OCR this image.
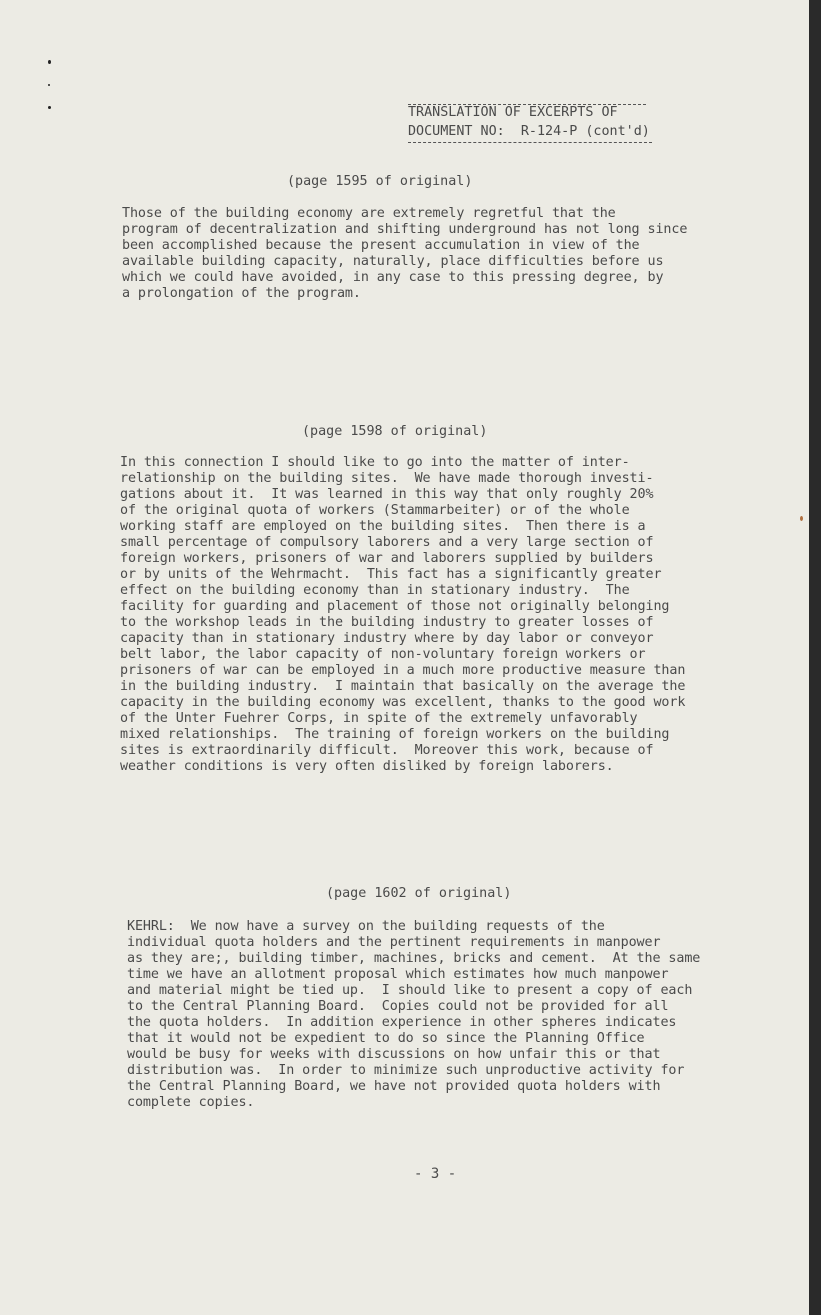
TRANSLATION OF EXCERPTS OF
DOCUMENT NO:  R-124-P (cont'd)
(page 1595 of original)
Those of the building economy are extremely regretful that the
program of decentralization and shifting underground has not long since
been accomplished because the present accumulation in view of the
available building capacity, naturally, place difficulties before us
which we could have avoided, in any case to this pressing degree, by
a prolongation of the program.
(page 1598 of original)
In this connection I should like to go into the matter of inter-
relationship on the building sites.  We have made thorough investi-
gations about it.  It was learned in this way that only roughly 20%
of the original quota of workers (Stammarbeiter) or of the whole
working staff are employed on the building sites.  Then there is a
small percentage of compulsory laborers and a very large section of
foreign workers, prisoners of war and laborers supplied by builders
or by units of the Wehrmacht.  This fact has a significantly greater
effect on the building economy than in stationary industry.  The
facility for guarding and placement of those not originally belonging
to the workshop leads in the building industry to greater losses of
capacity than in stationary industry where by day labor or conveyor
belt labor, the labor capacity of non-voluntary foreign workers or
prisoners of war can be employed in a much more productive measure than
in the building industry.  I maintain that basically on the average the
capacity in the building economy was excellent, thanks to the good work
of the Unter Fuehrer Corps, in spite of the extremely unfavorably
mixed relationships.  The training of foreign workers on the building
sites is extraordinarily difficult.  Moreover this work, because of
weather conditions is very often disliked by foreign laborers.
(page 1602 of original)
KEHRL:  We now have a survey on the building requests of the
individual quota holders and the pertinent requirements in manpower
as they are;, building timber, machines, bricks and cement.  At the same
time we have an allotment proposal which estimates how much manpower
and material might be tied up.  I should like to present a copy of each
to the Central Planning Board.  Copies could not be provided for all
the quota holders.  In addition experience in other spheres indicates
that it would not be expedient to do so since the Planning Office
would be busy for weeks with discussions on how unfair this or that
distribution was.  In order to minimize such unproductive activity for
the Central Planning Board, we have not provided quota holders with
complete copies.
- 3 -
